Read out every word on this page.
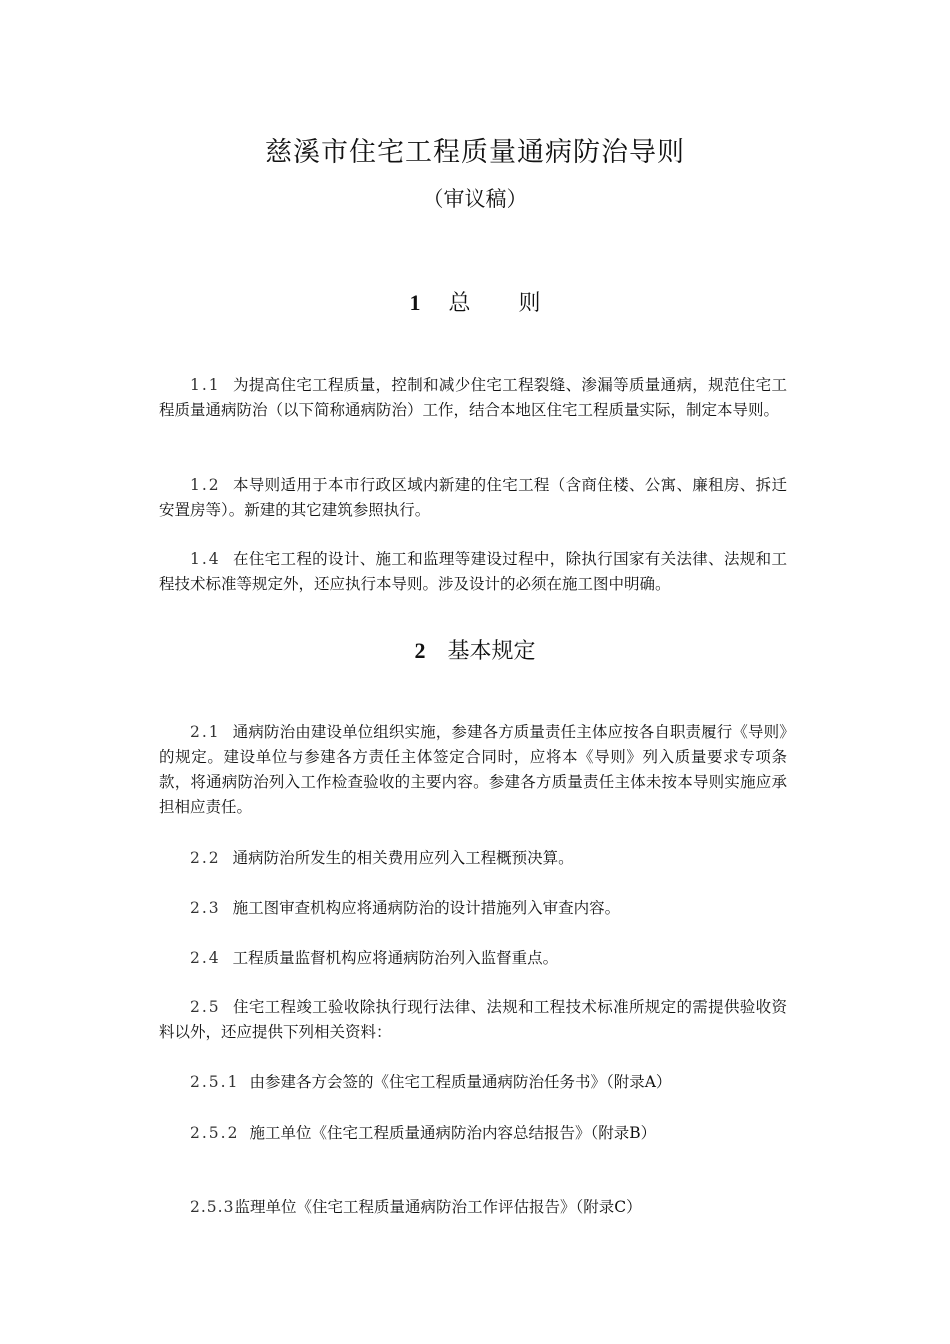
慈溪市住宅工程质量通病防治导则
（审议稿）
1 总 则
1.1 为提高住宅工程质量，控制和减少住宅工程裂缝、渗漏等质量通病，规范住宅工程质量通病防治（以下简称通病防治）工作，结合本地区住宅工程质量实际，制定本导则。
1.2 本导则适用于本市行政区域内新建的住宅工程（含商住楼、公寓、廉租房、拆迁安置房等）。新建的其它建筑参照执行。
1.4 在住宅工程的设计、施工和监理等建设过程中，除执行国家有关法律、法规和工程技术标准等规定外，还应执行本导则。涉及设计的必须在施工图中明确。
2 基本规定
2.1 通病防治由建设单位组织实施，参建各方质量责任主体应按各自职责履行《导则》的规定。建设单位与参建各方责任主体签定合同时，应将本《导则》列入质量要求专项条款，将通病防治列入工作检查验收的主要内容。参建各方质量责任主体未按本导则实施应承担相应责任。
2.2 通病防治所发生的相关费用应列入工程概预决算。
2.3 施工图审查机构应将通病防治的设计措施列入审查内容。
2.4 工程质量监督机构应将通病防治列入监督重点。
2.5 住宅工程竣工验收除执行现行法律、法规和工程技术标准所规定的需提供验收资料以外，还应提供下列相关资料：
2.5.1 由参建各方会签的《住宅工程质量通病防治任务书》（附录A）
2.5.2 施工单位《住宅工程质量通病防治内容总结报告》（附录B）
2.5.3监理单位《住宅工程质量通病防治工作评估报告》（附录C）
